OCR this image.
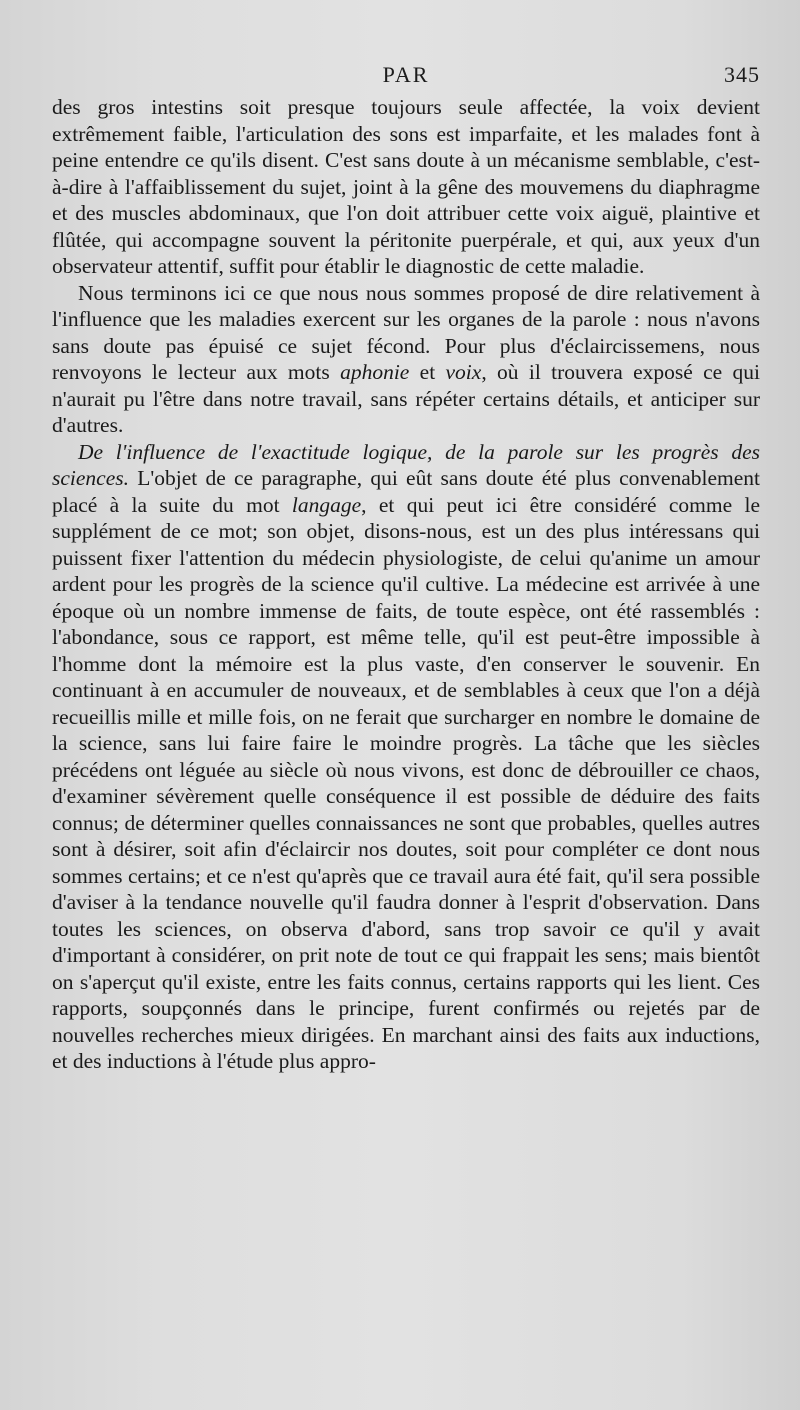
PAR	345

des gros intestins soit presque toujours seule affectée, la voix devient extrêmement faible, l'articulation des sons est imparfaite, et les malades font à peine entendre ce qu'ils disent. C'est sans doute à un mécanisme semblable, c'est-à-dire à l'affaiblissement du sujet, joint à la gêne des mouvemens du diaphragme et des muscles abdominaux, que l'on doit attribuer cette voix aiguë, plaintive et flûtée, qui accompagne souvent la péritonite puerpérale, et qui, aux yeux d'un observateur attentif, suffit pour établir le diagnostic de cette maladie.

Nous terminons ici ce que nous nous sommes proposé de dire relativement à l'influence que les maladies exercent sur les organes de la parole : nous n'avons sans doute pas épuisé ce sujet fécond. Pour plus d'éclaircissemens, nous renvoyons le lecteur aux mots aphonie et voix, où il trouvera exposé ce qui n'aurait pu l'être dans notre travail, sans répéter certains détails, et anticiper sur d'autres.

De l'influence de l'exactitude logique, de la parole sur les progrès des sciences. L'objet de ce paragraphe, qui eût sans doute été plus convenablement placé à la suite du mot langage, et qui peut ici être considéré comme le supplément de ce mot; son objet, disons-nous, est un des plus intéressans qui puissent fixer l'attention du médecin physiologiste, de celui qu'anime un amour ardent pour les progrès de la science qu'il cultive. La médecine est arrivée à une époque où un nombre immense de faits, de toute espèce, ont été rassemblés : l'abondance, sous ce rapport, est même telle, qu'il est peut-être impossible à l'homme dont la mémoire est la plus vaste, d'en conserver le souvenir. En continuant à en accumuler de nouveaux, et de semblables à ceux que l'on a déjà recueillis mille et mille fois, on ne ferait que surcharger en nombre le domaine de la science, sans lui faire faire le moindre progrès. La tâche que les siècles précédens ont léguée au siècle où nous vivons, est donc de débrouiller ce chaos, d'examiner sévèrement quelle conséquence il est possible de déduire des faits connus; de déterminer quelles connaissances ne sont que probables, quelles autres sont à désirer, soit afin d'éclaircir nos doutes, soit pour compléter ce dont nous sommes certains; et ce n'est qu'après que ce travail aura été fait, qu'il sera possible d'aviser à la tendance nouvelle qu'il faudra donner à l'esprit d'observation. Dans toutes les sciences, on observa d'abord, sans trop savoir ce qu'il y avait d'important à considérer, on prit note de tout ce qui frappait les sens; mais bientôt on s'aperçut qu'il existe, entre les faits connus, certains rapports qui les lient. Ces rapports, soupçonnés dans le principe, furent confirmés ou rejetés par de nouvelles recherches mieux dirigées. En marchant ainsi des faits aux inductions, et des inductions à l'étude plus appro-
